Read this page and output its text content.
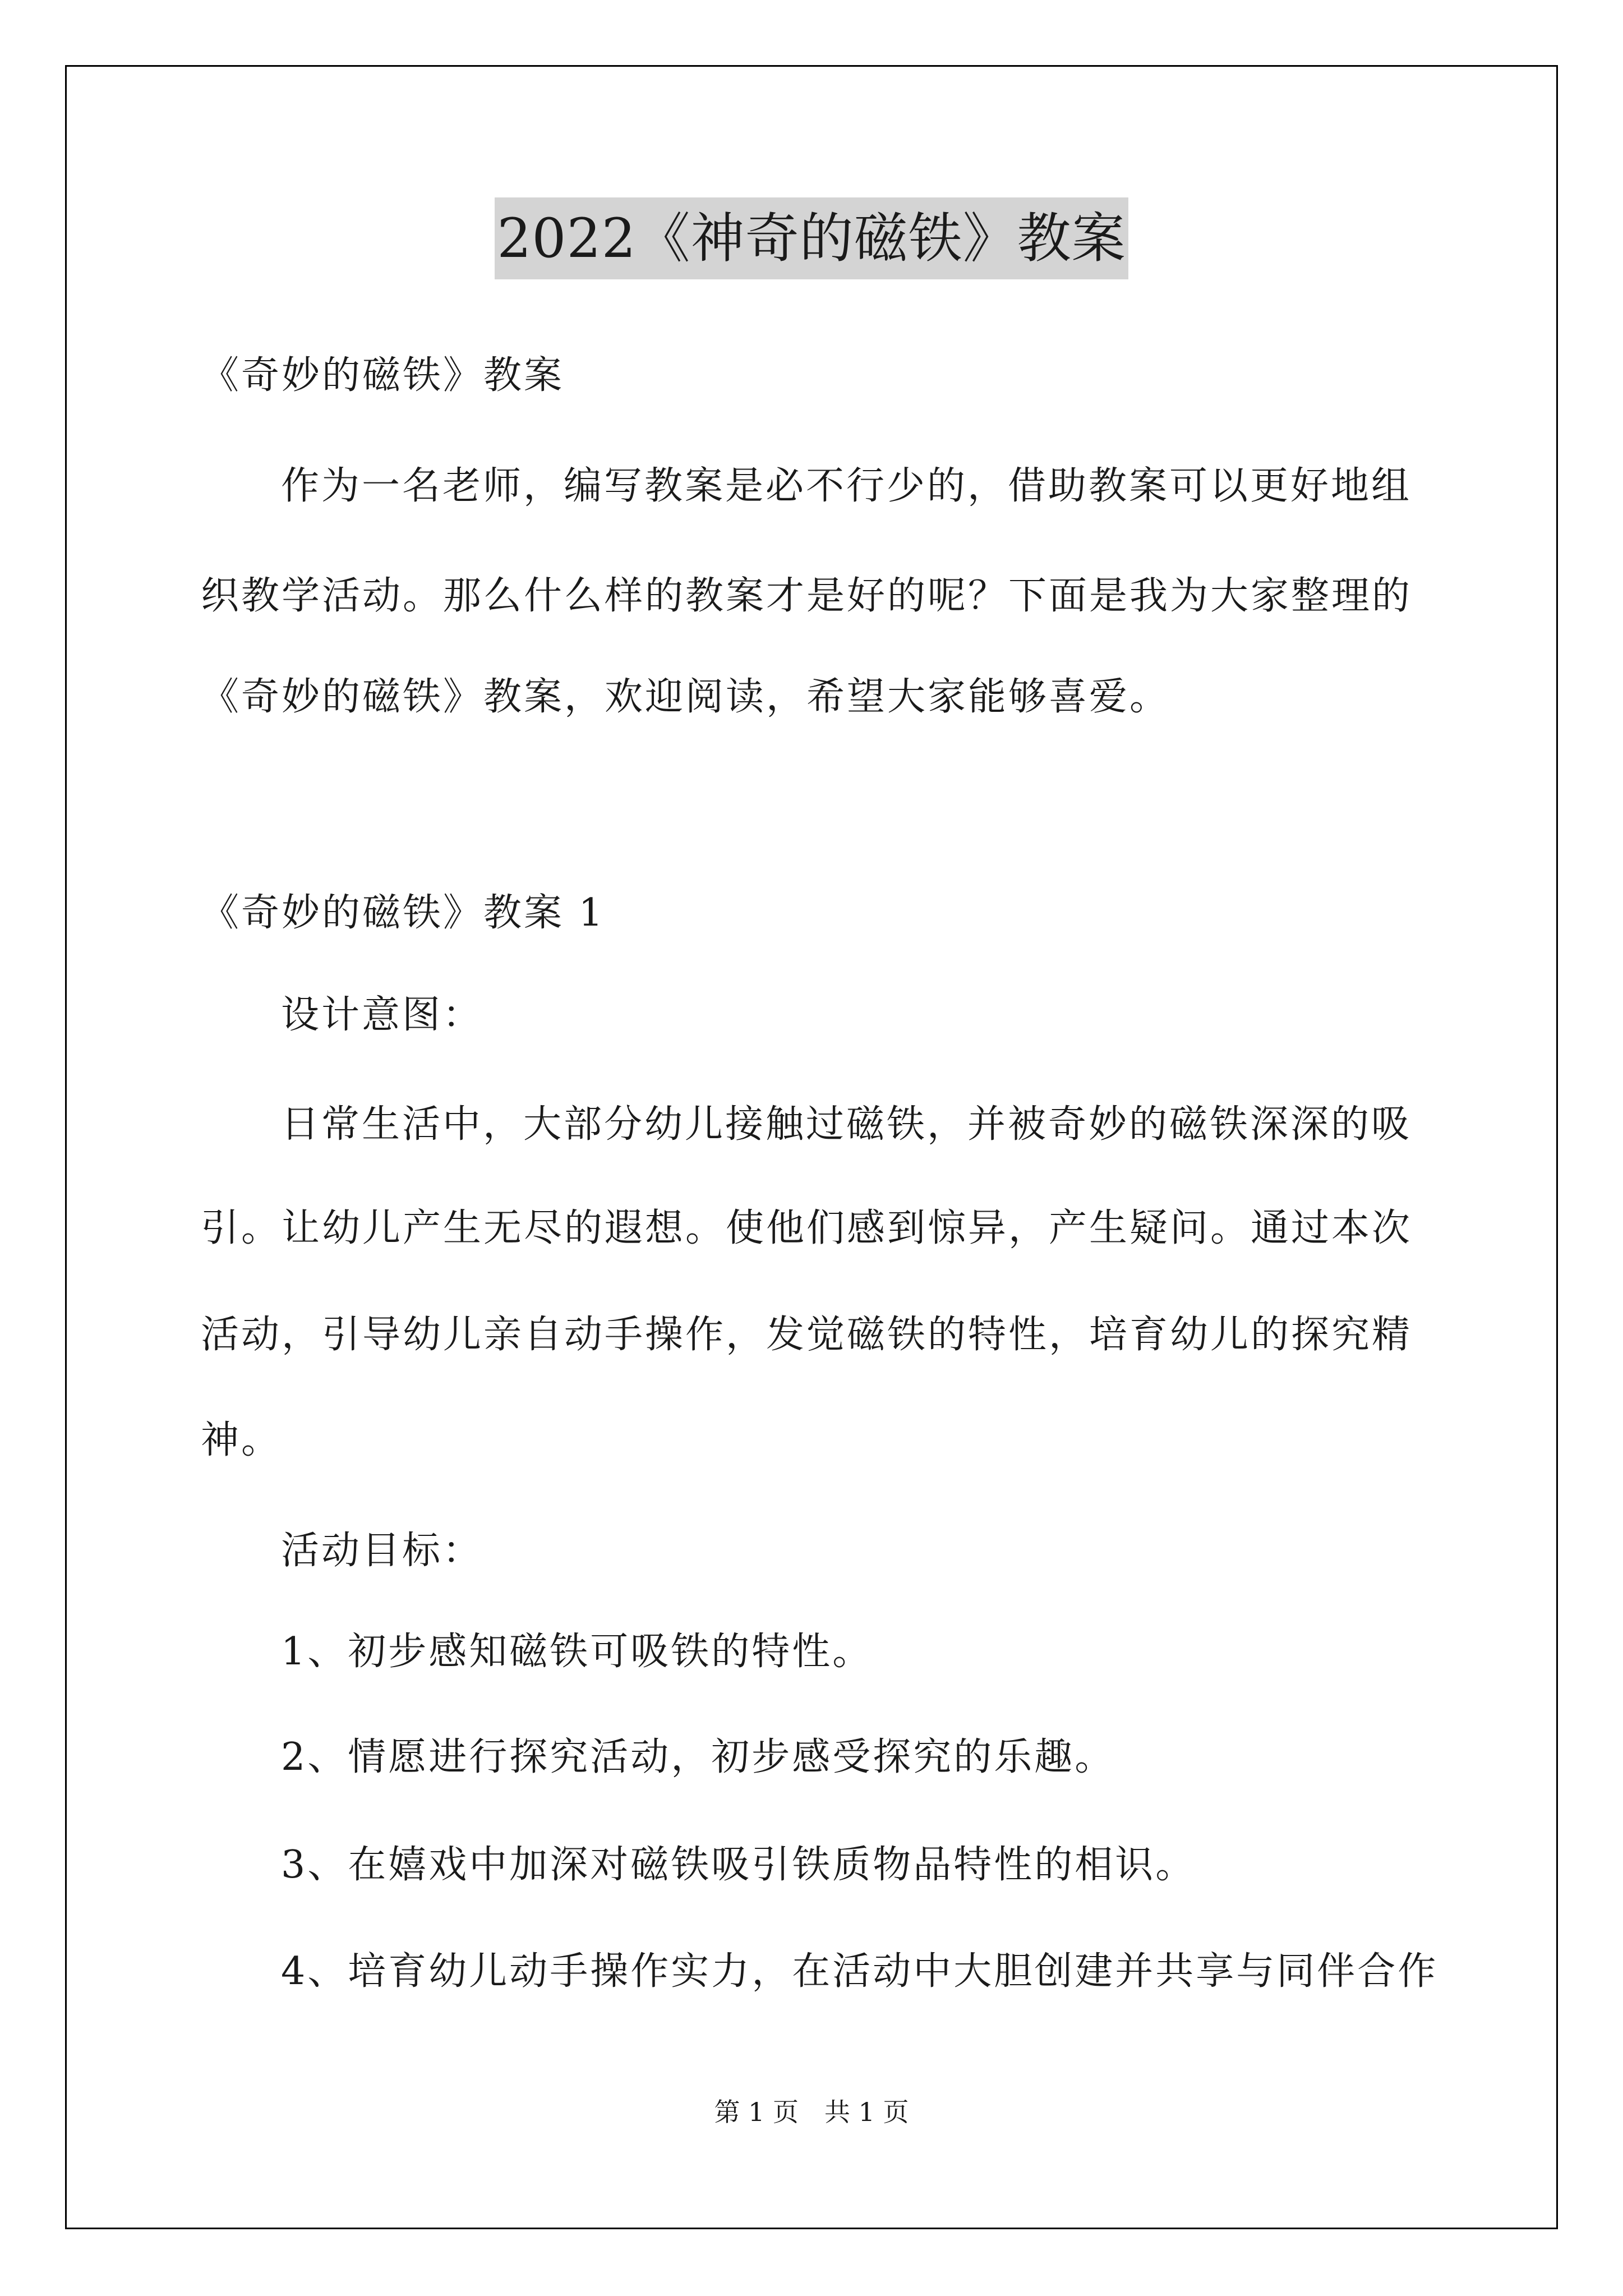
2022《神奇的磁铁》教案
《奇妙的磁铁》教案
作为一名老师，编写教案是必不行少的，借助教案可以更好地组
织教学活动。那么什么样的教案才是好的呢？下面是我为大家整理的
《奇妙的磁铁》教案，欢迎阅读，希望大家能够喜爱。
《奇妙的磁铁》教案 1
设计意图：
日常生活中，大部分幼儿接触过磁铁，并被奇妙的磁铁深深的吸
引。让幼儿产生无尽的遐想。使他们感到惊异，产生疑问。通过本次
活动，引导幼儿亲自动手操作，发觉磁铁的特性，培育幼儿的探究精
神。
活动目标：
1、初步感知磁铁可吸铁的特性。
2、情愿进行探究活动，初步感受探究的乐趣。
3、在嬉戏中加深对磁铁吸引铁质物品特性的相识。
4、培育幼儿动手操作实力，在活动中大胆创建并共享与同伴合作
第 1 页　共 1 页
